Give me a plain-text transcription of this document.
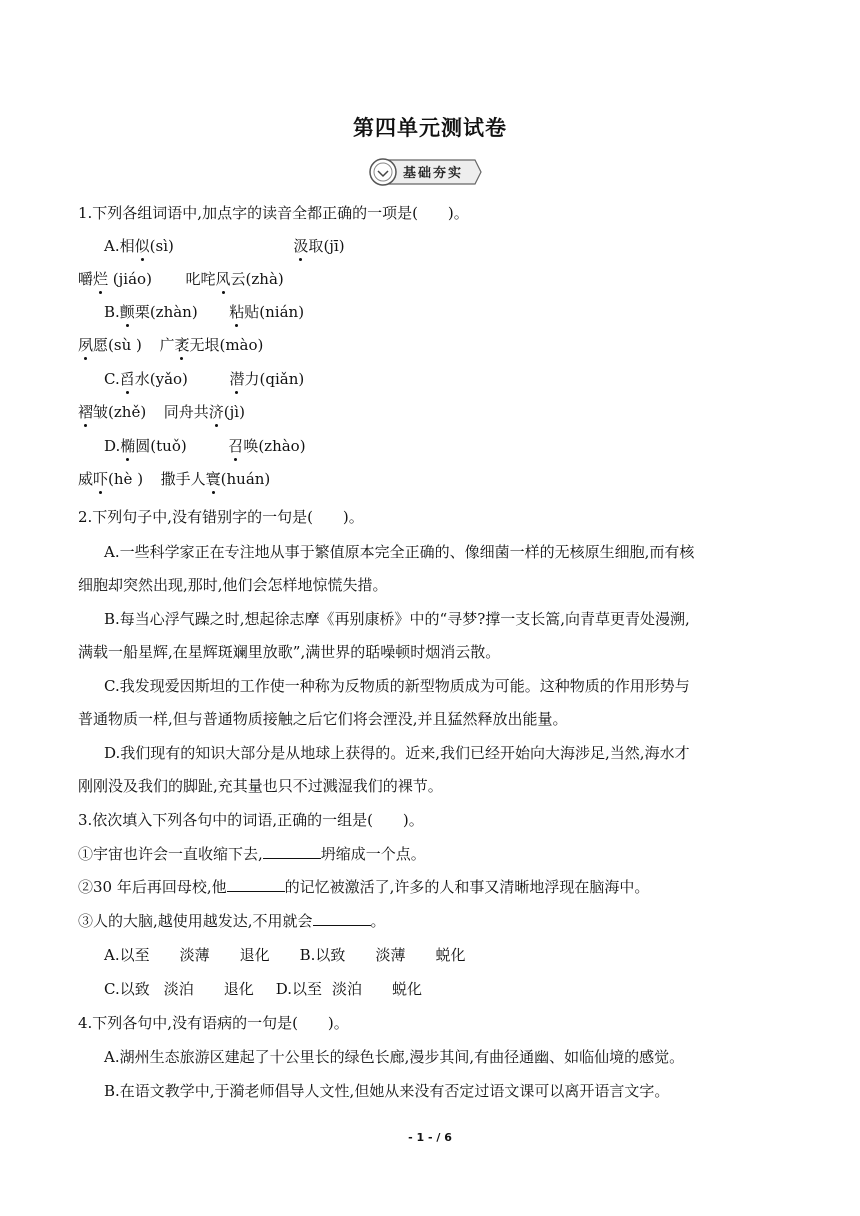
第四单元测试卷
基础夯实
1.下列各组词语中,加点字的读音全都正确的一项是(　　)。
A.相似(sì)	汲取(jī)
嚼烂 (jiáo) 叱咤风云(zhà)
B.颤栗(zhàn) 粘贴(nián)
夙愿(sù ) 广袤无垠(mào)
C.舀水(yǎo)	潜力(qiǎn)
褶皱(zhě) 同舟共济(jì)
D.椭圆(tuǒ)	召唤(zhào)
威吓(hè ) 撒手人寰(huán)
2.下列句子中,没有错别字的一句是(　　)。
A.一些科学家正在专注地从事于繁值原本完全正确的、像细菌一样的无核原生细胞,而有核
细胞却突然出现,那时,他们会怎样地惊慌失措。
B.每当心浮气躁之时,想起徐志摩《再别康桥》中的“寻梦?撑一支长篙,向青草更青处漫溯,
满载一船星辉,在星辉斑斓里放歌”,满世界的聒噪顿时烟消云散。
C.我发现爱因斯坦的工作使一种称为反物质的新型物质成为可能。这种物质的作用形势与
普通物质一样,但与普通物质接触之后它们将会湮没,并且猛然释放出能量。
D.我们现有的知识大部分是从地球上获得的。近来,我们已经开始向大海涉足,当然,海水才
刚刚没及我们的脚趾,充其量也只不过溅湿我们的裸节。
3.依次填入下列各句中的词语,正确的一组是(　　)。
①宇宙也许会一直收缩下去,	坍缩成一个点。
②30 年后再回母校,他	的记忆被激活了,许多的人和事又清晰地浮现在脑海中。
③人的大脑,越使用越发达,不用就会	。
A.以至 淡薄 退化 B.以致 淡薄 蜕化
C.以致 淡泊 退化 D.以至 淡泊 蜕化
4.下列各句中,没有语病的一句是(　　)。
A.湖州生态旅游区建起了十公里长的绿色长廊,漫步其间,有曲径通幽、如临仙境的感觉。
B.在语文教学中,于漪老师倡导人文性,但她从来没有否定过语文课可以离开语言文字。
- 1 - / 6
